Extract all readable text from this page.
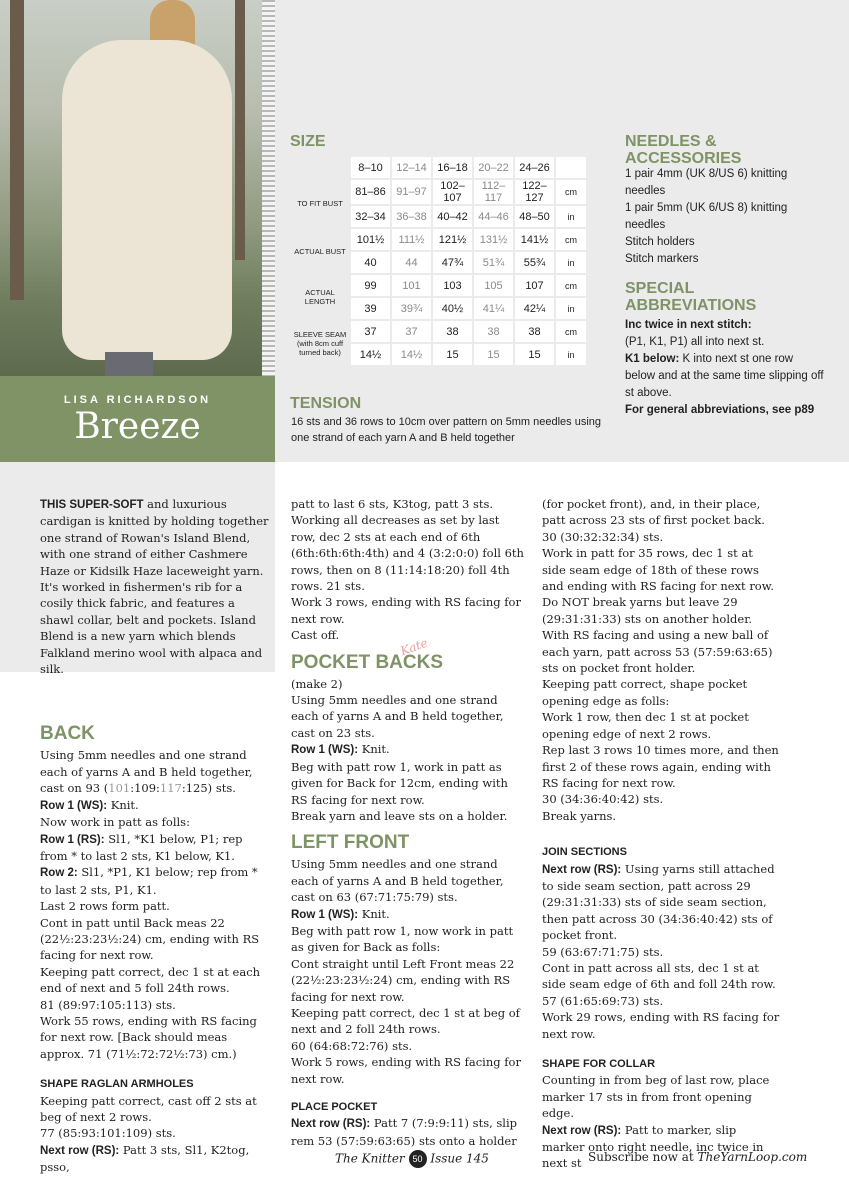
LISA RICHARDSON
Breeze
SIZE
	8–10	12–14	16–18	20–22	24–26	
TO FIT BUST	81–86	91–97	102–107	112–117	122–127	cm
	32–34	36–38	40–42	44–46	48–50	in
ACTUAL BUST	101½	111½	121½	131½	141½	cm
	40	44	47¾	51¾	55¾	in
ACTUAL LENGTH	99	101	103	105	107	cm
	39	39¾	40½	41¼	42¼	in
SLEEVE SEAM (with 8cm cuff turned back)	37	37	38	38	38	cm
	14½	14½	15	15	15	in
TENSION
16 sts and 36 rows to 10cm over pattern on 5mm needles using one strand of each yarn A and B held together
NEEDLES & ACCESSORIES
1 pair 4mm (UK 8/US 6) knitting needles
1 pair 5mm (UK 6/US 8) knitting needles
Stitch holders
Stitch markers
SPECIAL ABBREVIATIONS
Inc twice in next stitch:
(P1, K1, P1) all into next st.
K1 below: K into next st one row below and at the same time slipping off st above.
For general abbreviations, see p89

THIS SUPER-SOFT and luxurious cardigan is knitted by holding together one strand of Rowan's Island Blend, with one strand of either Cashmere Haze or Kidsilk Haze laceweight yarn. It's worked in fishermen's rib for a cosily thick fabric, and features a shawl collar, belt and pockets. Island Blend is a new yarn which blends Falkland merino wool with alpaca and silk.

BACK

Using 5mm needles and one strand each of yarns A and B held together, cast on 93 (101:109:117:125) sts.

Row 1 (WS): Knit.

Now work in patt as folls:

Row 1 (RS): Sl1, *K1 below, P1; rep from * to last 2 sts, K1 below, K1.

Row 2: Sl1, *P1, K1 below; rep from * to last 2 sts, P1, K1.

Last 2 rows form patt.

Cont in patt until Back meas 22 (22½:23:23½:24) cm, ending with RS facing for next row.

Keeping patt correct, dec 1 st at each end of next and 5 foll 24th rows.

81 (89:97:105:113) sts.

Work 55 rows, ending with RS facing for next row. [Back should meas approx. 71 (71½:72:72½:73) cm.)

SHAPE RAGLAN ARMHOLES

Keeping patt correct, cast off 2 sts at beg of next 2 rows.

77 (85:93:101:109) sts.

Next row (RS): Patt 3 sts, Sl1, K2tog, psso,

patt to last 6 sts, K3tog, patt 3 sts.

Working all decreases as set by last row, dec 2 sts at each end of 6th (6th:6th:6th:4th) and 4 (3:2:0:0) foll 6th rows, then on 8 (11:14:18:20) foll 4th rows. 21 sts.

Work 3 rows, ending with RS facing for next row.

Cast off.

POCKET BACKS

(make 2)

Using 5mm needles and one strand each of yarns A and B held together, cast on 23 sts.

Row 1 (WS): Knit.

Beg with patt row 1, work in patt as given for Back for 12cm, ending with RS facing for next row.

Break yarn and leave sts on a holder.

LEFT FRONT

Using 5mm needles and one strand each of yarns A and B held together, cast on 63 (67:71:75:79) sts.

Row 1 (WS): Knit.

Beg with patt row 1, now work in patt as given for Back as folls:

Cont straight until Left Front meas 22 (22½:23:23½:24) cm, ending with RS facing for next row.

Keeping patt correct, dec 1 st at beg of next and 2 foll 24th rows.

60 (64:68:72:76) sts.

Work 5 rows, ending with RS facing for next row.

PLACE POCKET

Next row (RS): Patt 7 (7:9:9:11) sts, slip rem 53 (57:59:63:65) sts onto a holder

Kate

(for pocket front), and, in their place, patt across 23 sts of first pocket back.

30 (30:32:32:34) sts.

Work in patt for 35 rows, dec 1 st at side seam edge of 18th of these rows and ending with RS facing for next row.

Do NOT break yarns but leave 29 (29:31:31:33) sts on another holder.

With RS facing and using a new ball of each yarn, patt across 53 (57:59:63:65) sts on pocket front holder.

Keeping patt correct, shape pocket opening edge as folls:

Work 1 row, then dec 1 st at pocket opening edge of next 2 rows.

Rep last 3 rows 10 times more, and then first 2 of these rows again, ending with RS facing for next row.

30 (34:36:40:42) sts.

Break yarns.

JOIN SECTIONS

Next row (RS): Using yarns still attached to side seam section, patt across 29 (29:31:31:33) sts of side seam section, then patt across 30 (34:36:40:42) sts of pocket front.

59 (63:67:71:75) sts.

Cont in patt across all sts, dec 1 st at side seam edge of 6th and foll 24th row.

57 (61:65:69:73) sts.

Work 29 rows, ending with RS facing for next row.

SHAPE FOR COLLAR

Counting in from beg of last row, place marker 17 sts in from front opening edge.

Next row (RS): Patt to marker, slip marker onto right needle, inc twice in next st

The Knitter 50 Issue 145	Subscribe now at TheYarnLoop.com
